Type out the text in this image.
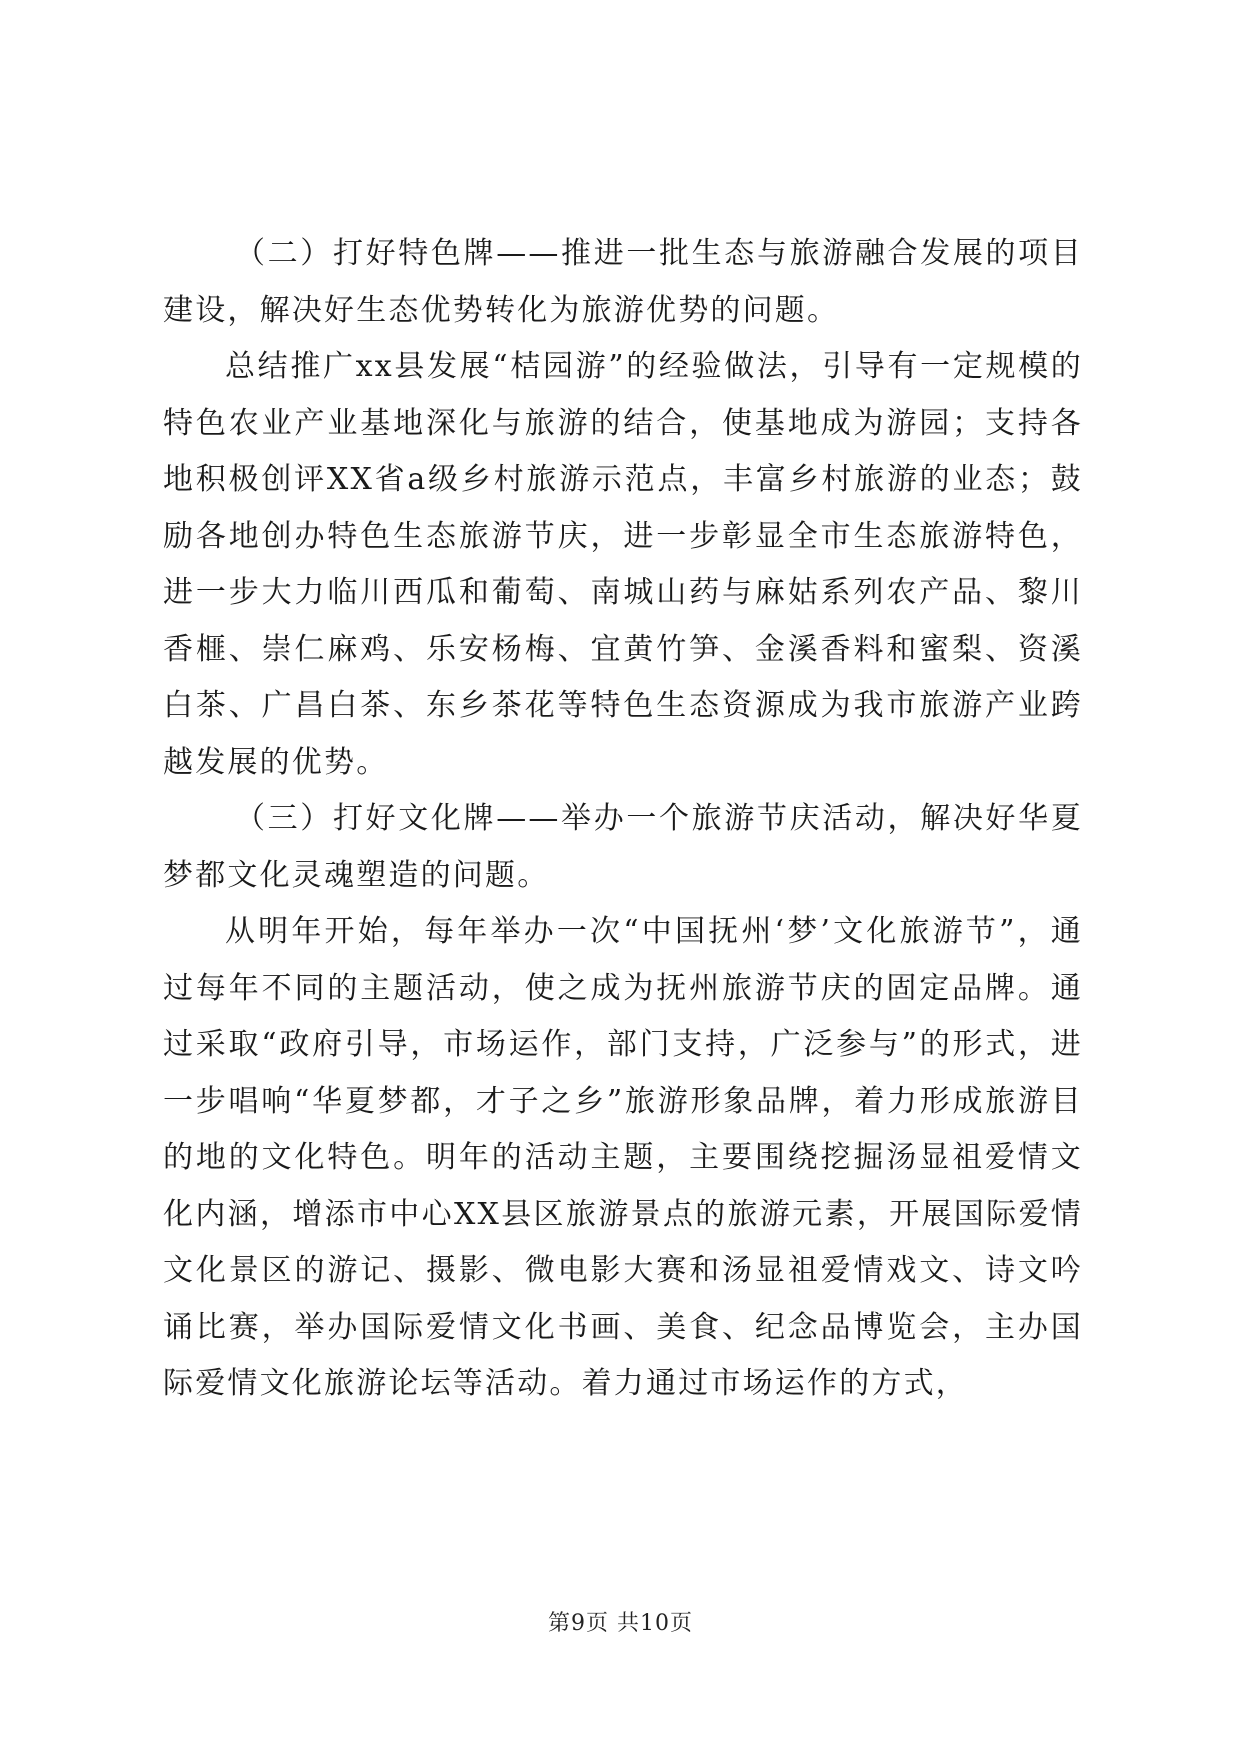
（二）打好特色牌——推进一批生态与旅游融合发展的项目建设，解决好生态优势转化为旅游优势的问题。

总结推广xx县发展“桔园游”的经验做法，引导有一定规模的特色农业产业基地深化与旅游的结合，使基地成为游园；支持各地积极创评XX省a级乡村旅游示范点，丰富乡村旅游的业态；鼓励各地创办特色生态旅游节庆，进一步彰显全市生态旅游特色，进一步大力临川西瓜和葡萄、南城山药与麻姑系列农产品、黎川香榧、崇仁麻鸡、乐安杨梅、宜黄竹笋、金溪香料和蜜梨、资溪白茶、广昌白茶、东乡茶花等特色生态资源成为我市旅游产业跨越发展的优势。

（三）打好文化牌——举办一个旅游节庆活动，解决好华夏梦都文化灵魂塑造的问题。

从明年开始，每年举办一次“中国抚州‘梦’文化旅游节”，通过每年不同的主题活动，使之成为抚州旅游节庆的固定品牌。通过采取“政府引导，市场运作，部门支持，广泛参与”的形式，进一步唱响“华夏梦都，才子之乡”旅游形象品牌，着力形成旅游目的地的文化特色。明年的活动主题，主要围绕挖掘汤显祖爱情文化内涵，增添市中心XX县区旅游景点的旅游元素，开展国际爱情文化景区的游记、摄影、微电影大赛和汤显祖爱情戏文、诗文吟诵比赛，举办国际爱情文化书画、美食、纪念品博览会，主办国际爱情文化旅游论坛等活动。着力通过市场运作的方式，

第9页 共10页
